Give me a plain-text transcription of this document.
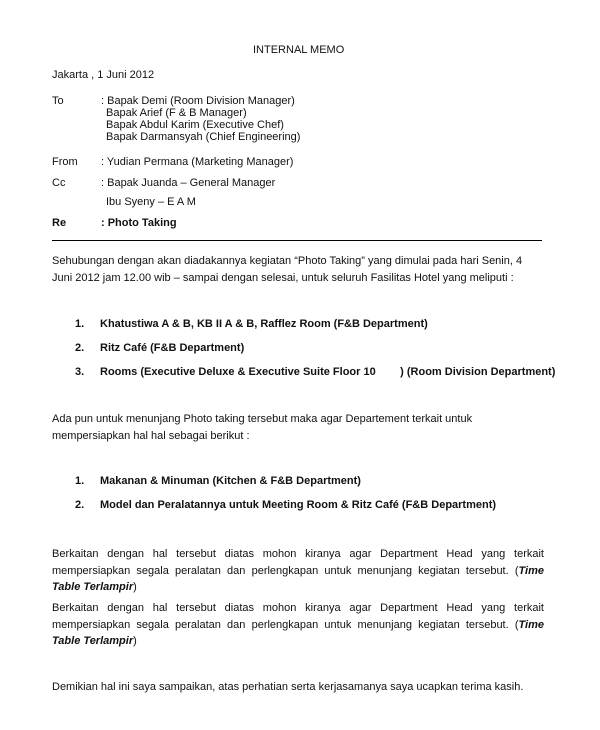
INTERNAL MEMO
Jakarta , 1 Juni 2012
To	: Bapak Demi (Room Division Manager)
Bapak Arief (F & B Manager)
Bapak Abdul Karim (Executive Chef)
Bapak Darmansyah (Chief Engineering)
From : Yudian Permana (Marketing Manager)
Cc	: Bapak Juanda – General Manager
Ibu Syeny – E A M
Re	: Photo Taking
Sehubungan dengan akan diadakannya kegiatan “Photo Taking” yang dimulai pada hari Senin, 4 Juni 2012 jam 12.00 wib – sampai dengan selesai, untuk seluruh Fasilitas Hotel yang meliputi :
1. Khatustiwa A & B, KB II A & B, Rafflez Room (F&B Department)
2. Ritz Café (F&B Department)
3. Rooms (Executive Deluxe & Executive Suite Floor 10        ) (Room Division Department)
Ada pun untuk menunjang Photo taking tersebut maka agar Departement terkait untuk mempersiapkan hal hal sebagai berikut :
1. Makanan & Minuman (Kitchen & F&B Department)
2. Model dan Peralatannya untuk Meeting Room & Ritz Café (F&B Department)
Berkaitan dengan hal tersebut diatas mohon kiranya agar Department Head yang terkait mempersiapkan segala peralatan dan perlengkapan untuk menunjang kegiatan tersebut. (Time Table Terlampir)
Berkaitan dengan hal tersebut diatas mohon kiranya agar Department Head yang terkait mempersiapkan segala peralatan dan perlengkapan untuk menunjang kegiatan tersebut. (Time Table Terlampir)
Demikian hal ini saya sampaikan, atas perhatian serta kerjasamanya saya ucapkan terima kasih.
